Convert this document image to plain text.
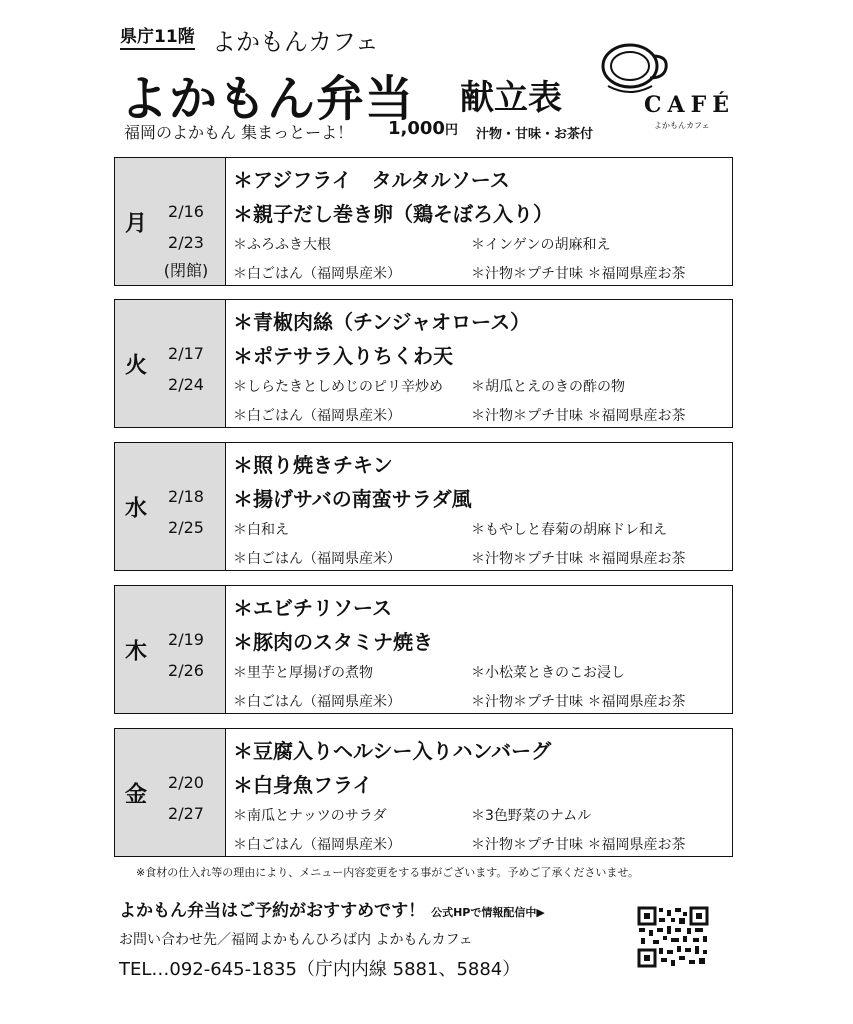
県庁11階 よかもんカフェ
よかもん弁当 献立表
福岡のよかもん 集まっとーよ！ 1,000円 汁物・甘味・お茶付
CAFÉ
よかもんカフェ
月	2/16
2/23
(閉館)
＊アジフライ　タルタルソース
＊親子だし巻き卵（鶏そぼろ入り）
＊ふろふき大根	＊インゲンの胡麻和え
＊白ごはん（福岡県産米）	＊汁物＊プチ甘味 ＊福岡県産お茶
火	2/17
2/24
＊青椒肉絲（チンジャオロース）
＊ポテサラ入りちくわ天
＊しらたきとしめじのピリ辛炒め ＊胡瓜とえのきの酢の物
＊白ごはん（福岡県産米）	＊汁物＊プチ甘味 ＊福岡県産お茶
水	2/18
2/25
＊照り焼きチキン
＊揚げサバの南蛮サラダ風
＊白和え	＊もやしと春菊の胡麻ドレ和え
＊白ごはん（福岡県産米）	＊汁物＊プチ甘味 ＊福岡県産お茶
木	2/19
2/26
＊エビチリソース
＊豚肉のスタミナ焼き
＊里芋と厚揚げの煮物	＊小松菜ときのこお浸し
＊白ごはん（福岡県産米）	＊汁物＊プチ甘味 ＊福岡県産お茶
金	2/20
2/27
＊豆腐入りヘルシー入りハンバーグ
＊白身魚フライ
＊南瓜とナッツのサラダ	＊3色野菜のナムル
＊白ごはん（福岡県産米）	＊汁物＊プチ甘味 ＊福岡県産お茶
※食材の仕入れ等の理由により、メニュー内容変更をする事がございます。予めご了承くださいませ。
よかもん弁当はご予約がおすすめです！ 公式HPで情報配信中▶
お問い合わせ先／福岡よかもんひろば内 よかもんカフェ
TEL…092-645-1835（庁内内線 5881、5884）
